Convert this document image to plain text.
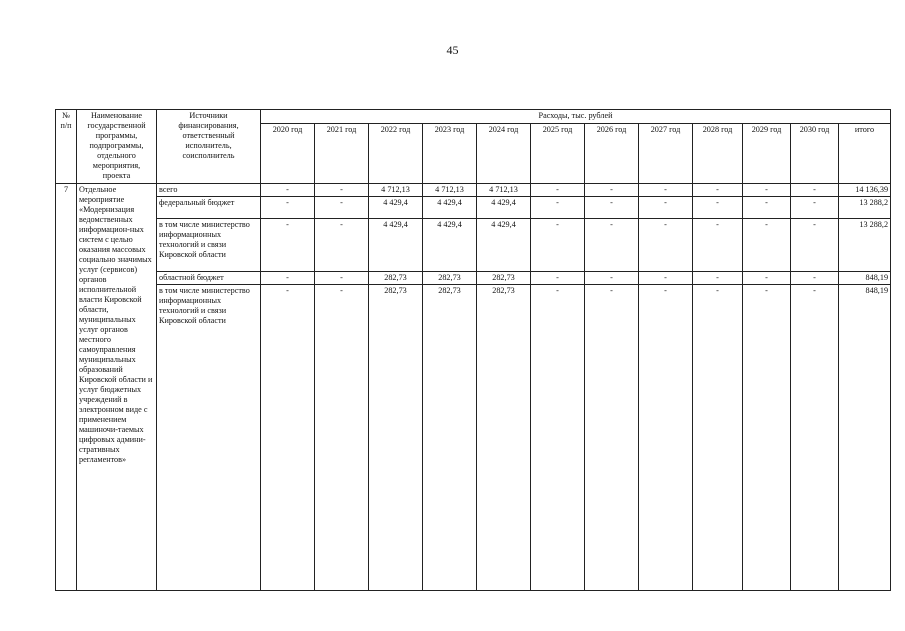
45
№ п/п	Наименование государственной программы, подпрограммы, отдельного мероприятия, проекта	Источники финансирования, ответственный исполнитель, соисполнитель	Расходы, тыс. рублей											
			2020 год	2021 год	2022 год	2023 год	2024 год	2025 год	2026 год	2027 год	2028 год	2029 год	2030 год	итого
7	Отдельное мероприятие «Модернизация ведомственных информацион-ных систем с целью оказания массовых социально значимых услуг (сервисов) органов исполнительной власти Кировской области, муниципальных услуг органов местного самоуправления муниципальных образований Кировской области и услуг бюджетных учреждений в электронном виде с применением машиночи-таемых цифровых админи-стративных регламентов»	всего	-	-	4 712,13	4 712,13	4 712,13	-	-	-	-	-	-	14 136,39
		федеральный бюджет	-	-	4 429,4	4 429,4	4 429,4	-	-	-	-	-	-	13 288,2
		в том числе министерство информационных технологий и связи Кировской области	-	-	4 429,4	4 429,4	4 429,4	-	-	-	-	-	-	13 288,2
		областной бюджет	-	-	282,73	282,73	282,73	-	-	-	-	-	-	848,19
		в том числе министерство информационных технологий и связи Кировской области	-	-	282,73	282,73	282,73	-	-	-	-	-	-	848,19
